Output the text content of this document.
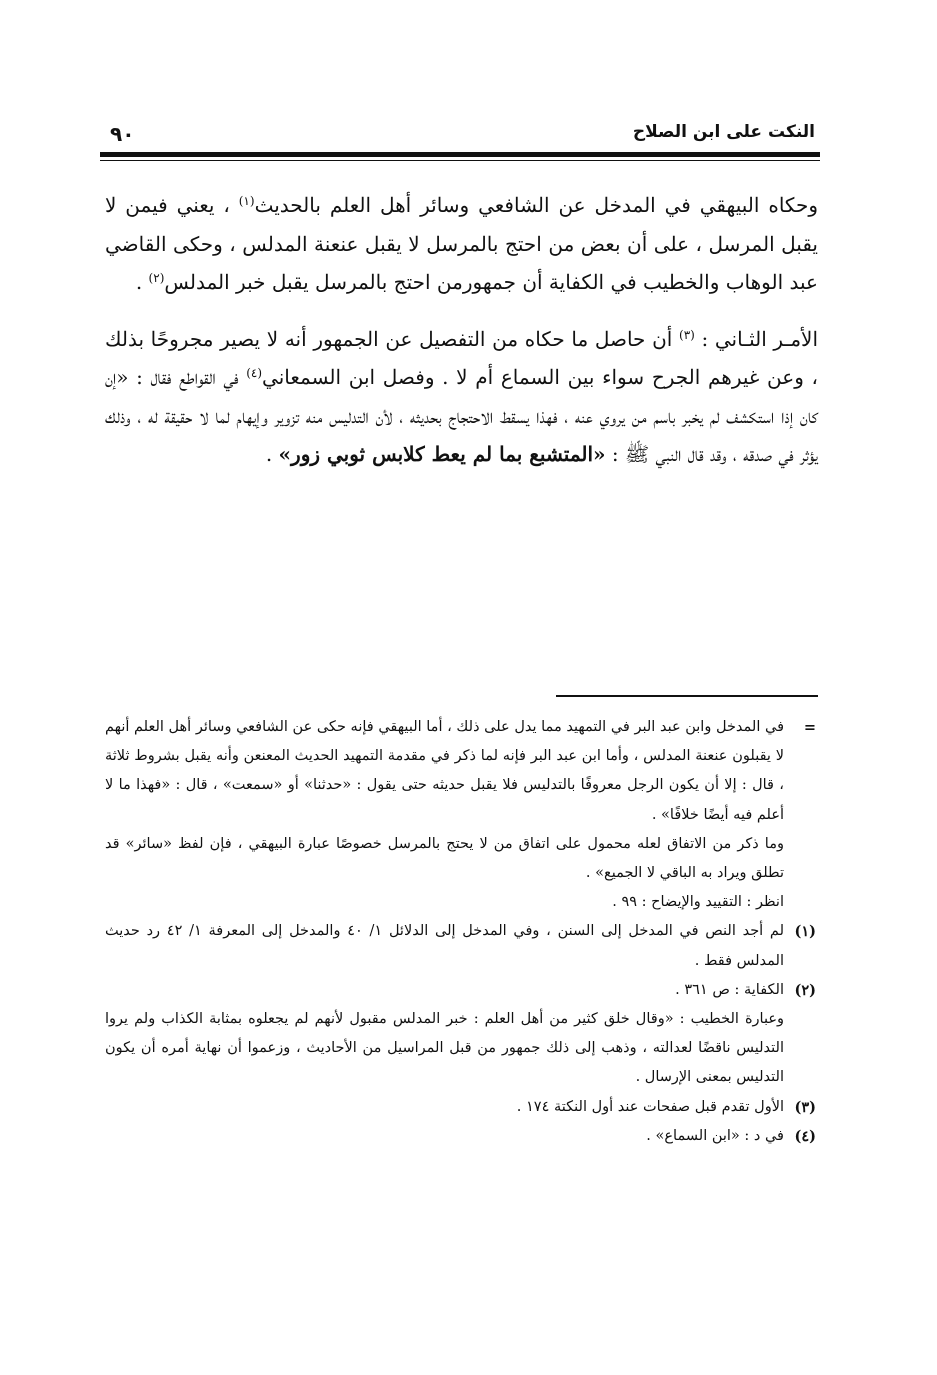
٩٠	النكت على ابن الصلاح

وحكاه البيهقي في المدخل عن الشافعي وسائر أهل العلم بالحديث$^{(١)}$ ، يعني فيمن لا يقبل المرسل ، على أن بعض من احتج بالمرسل لا يقبل عنعنة المدلس ، وحكى القاضي عبد الوهاب والخطيب في الكفاية أن جمهورمن احتج بالمرسل يقبل خبر المدلس$^{(٢)}$ .

الأمـر الثـاني : $^{(٣)}$ أن حاصل ما حكاه من التفصيل عن الجمهور أنه لا يصير مجروحًا بذلك ، وعن غيرهم الجرح سواء بين السماع أم لا . وفصل ابن السمعاني$^{(٤)}$ في القواطع فقال : «إن كان إذا استكشف لم يخبر باسم من يروي عنه ، فهذا يسقط الاحتجاج بحديثه ، لأن التدليس منه تزوير وإيهام لما لا حقيقة له ، وذلك يؤثر في صدقه ، وقد قال النبي ﷺ : «المتشبع بما لم يعط كلابس ثوبي زور» .

=
في المدخل وابن عبد البر في التمهيد مما يدل على ذلك ، أما البيهقي فإنه حكى عن الشافعي وسائر أهل العلم أنهم لا يقبلون عنعنة المدلس ، وأما ابن عبد البر فإنه لما ذكر في مقدمة التمهيد الحديث المعنعن وأنه يقبل بشروط ثلاثة ، قال : إلا أن يكون الرجل معروفًا بالتدليس فلا يقبل حديثه حتى يقول : «حدثنا» أو «سمعت» ، قال : «فهذا ما لا أعلم فيه أيضًا خلافًا» .
وما ذكر من الاتفاق لعله محمول على اتفاق من لا يحتج بالمرسل خصوصًا عبارة البيهقي ، فإن لفظ «سائر» قد تطلق ويراد به الباقي لا الجميع» .
انظر : التقييد والإيضاح : ٩٩ .
(١)
لم أجد النص في المدخل إلى السنن ، وفي المدخل إلى الدلائل ١/ ٤٠ والمدخل إلى المعرفة ١/ ٤٢ رد حديث المدلس فقط .
(٢)
الكفاية : ص ٣٦١ .
وعبارة الخطيب : «وقال خلق كثير من أهل العلم : خبر المدلس مقبول لأنهم لم يجعلوه بمثابة الكذاب ولم يروا التدليس ناقضًا لعدالته ، وذهب إلى ذلك جمهور من قبل المراسيل من الأحاديث ، وزعموا أن نهاية أمره أن يكون التدليس بمعنى الإرسال .
(٣)
الأول تقدم قبل صفحات عند أول النكتة ١٧٤ .
(٤)
في د : «ابن السماع» .
